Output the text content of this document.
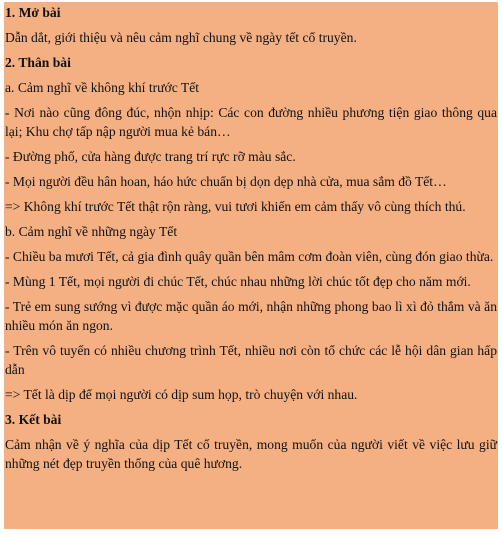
1. Mở bài
Dẫn dắt, giới thiệu và nêu cảm nghĩ chung về ngày tết cổ truyền.
2. Thân bài
a. Cảm nghĩ về không khí trước Tết
- Nơi nào cũng đông đúc, nhộn nhịp: Các con đường nhiều phương tiện giao thông qua lại; Khu chợ tấp nập người mua kẻ bán…
- Đường phố, cửa hàng được trang trí rực rỡ màu sắc.
- Mọi người đều hân hoan, háo hức chuẩn bị dọn dẹp nhà cửa, mua sắm đồ Tết…
=> Không khí trước Tết thật rộn ràng, vui tươi khiến em cảm thấy vô cùng thích thú.
b. Cảm nghĩ về những ngày Tết
- Chiều ba mươi Tết, cả gia đình quây quần bên mâm cơm đoàn viên, cùng đón giao thừa.
- Mùng 1 Tết, mọi người đi chúc Tết, chúc nhau những lời chúc tốt đẹp cho năm mới.
- Trẻ em sung sướng vì được mặc quần áo mới, nhận những phong bao lì xì đỏ thắm và ăn nhiều món ăn ngon.
- Trên vô tuyến có nhiều chương trình Tết, nhiều nơi còn tổ chức các lễ hội dân gian hấp dẫn
=> Tết là dịp để mọi người có dịp sum họp, trò chuyện với nhau.
3. Kết bài
Cảm nhận về ý nghĩa của dịp Tết cổ truyền, mong muốn của người viết về việc lưu giữ những nét đẹp truyền thống của quê hương.
